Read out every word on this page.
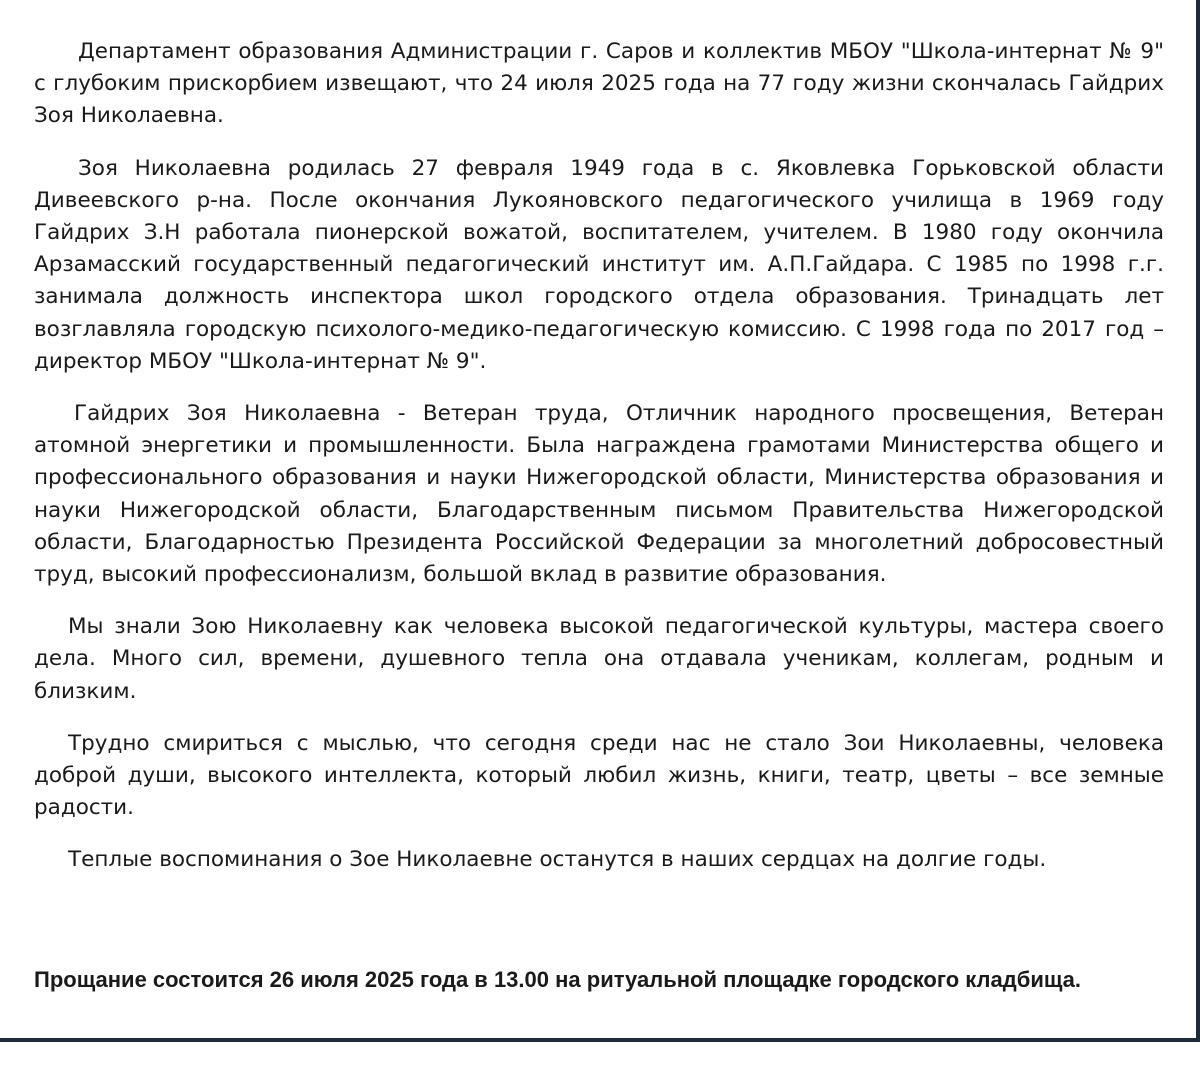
Департамент образования Администрации г. Саров и коллектив МБОУ "Школа-интернат № 9" с глубоким прискорбием извещают, что 24 июля 2025 года на 77 году жизни скончалась Гайдрих Зоя Николаевна.

Зоя Николаевна родилась 27 февраля 1949 года в с. Яковлевка Горьковской области Дивеевского р-на. После окончания Лукояновского педагогического училища в 1969 году Гайдрих З.Н работала пионерской вожатой, воспитателем, учителем. В 1980 году окончила Арзамасский государственный педагогический институт им. А.П.Гайдара. С 1985 по 1998 г.г. занимала должность инспектора школ городского отдела образования. Тринадцать лет возглавляла городскую психолого-медико-педагогическую комиссию. С 1998 года по 2017 год – директор МБОУ "Школа-интернат № 9".

Гайдрих Зоя Николаевна - Ветеран труда, Отличник народного просвещения, Ветеран атомной энергетики и промышленности. Была награждена грамотами Министерства общего и профессионального образования и науки Нижегородской области, Министерства образования и науки Нижегородской области, Благодарственным письмом Правительства Нижегородской области, Благодарностью Президента Российской Федерации за многолетний добросовестный труд, высокий профессионализм, большой вклад в развитие образования.

Мы знали Зою Николаевну как человека высокой педагогической культуры, мастера своего дела. Много сил, времени, душевного тепла она отдавала ученикам, коллегам, родным и близким.

Трудно смириться с мыслью, что сегодня среди нас не стало Зои Николаевны, человека доброй души, высокого интеллекта, который любил жизнь, книги, театр, цветы – все земные радости.

Теплые воспоминания о Зое Николаевне останутся в наших сердцах на долгие годы.

Прощание состоится 26 июля 2025 года в 13.00 на ритуальной площадке городского кладбища.
